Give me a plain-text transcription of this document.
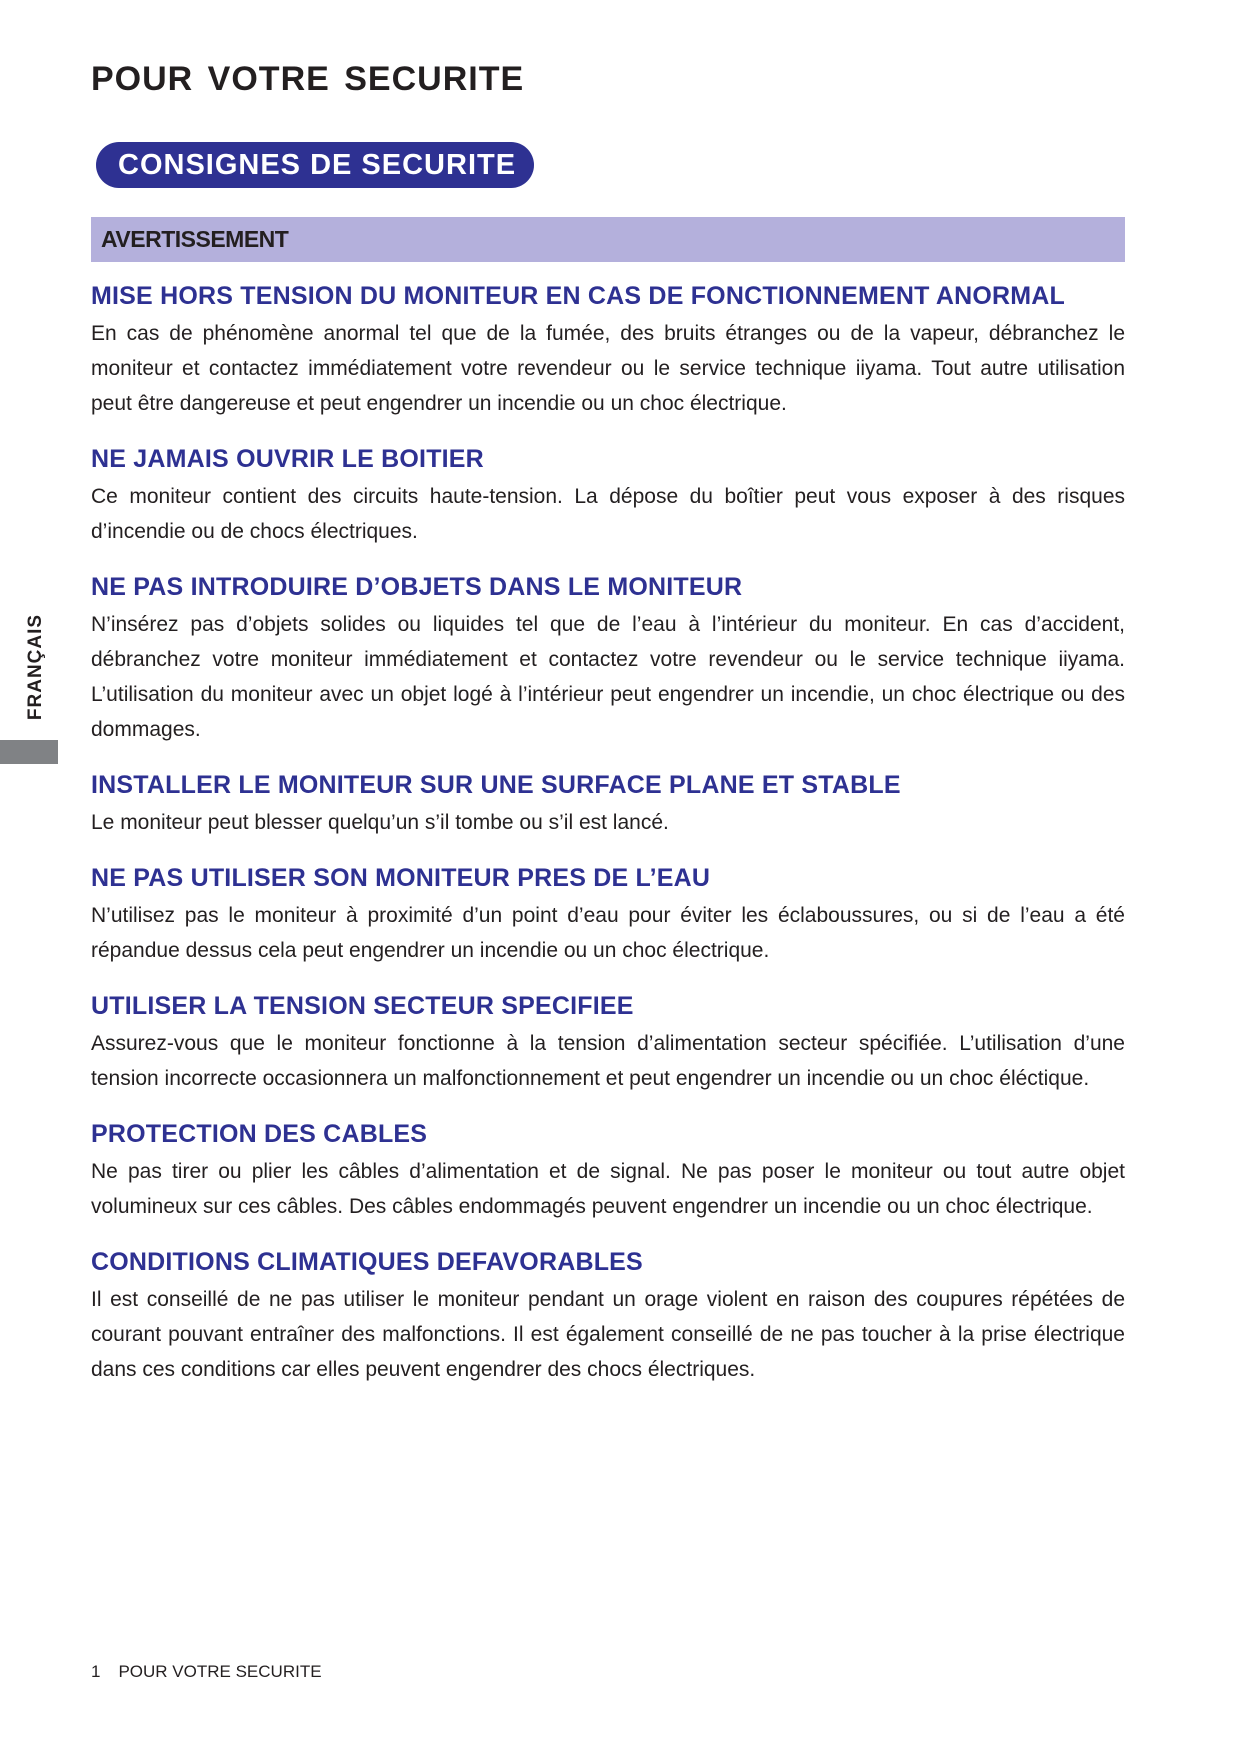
POUR VOTRE SECURITE
CONSIGNES DE SECURITE
AVERTISSEMENT
MISE HORS TENSION DU MONITEUR EN CAS DE FONCTIONNEMENT ANORMAL

En cas de phénomène anormal tel que de la fumée, des bruits étranges ou de la vapeur, débranchez le moniteur et contactez immédiatement votre revendeur ou le service technique iiyama. Tout autre utilisation peut être dangereuse et peut engendrer un incendie ou un choc électrique.

NE JAMAIS OUVRIR LE BOITIER

Ce moniteur contient des circuits haute-tension. La dépose du boîtier peut vous exposer à des risques d’incendie ou de chocs électriques.

NE PAS INTRODUIRE D’OBJETS DANS LE MONITEUR

N’insérez pas d’objets solides ou liquides tel que de l’eau à l’intérieur du moniteur. En cas d’accident, débranchez votre moniteur immédiatement et contactez votre revendeur ou le service technique iiyama. L’utilisation du moniteur avec un objet logé à l’intérieur peut engendrer un incendie, un choc électrique ou des dommages.

INSTALLER LE MONITEUR SUR UNE SURFACE PLANE ET STABLE

Le moniteur peut blesser quelqu’un s’il tombe ou s’il est lancé.

NE PAS UTILISER SON MONITEUR PRES DE L’EAU

N’utilisez pas le moniteur à proximité d’un point d’eau pour éviter les éclaboussures, ou si de l’eau a été répandue dessus cela peut engendrer un incendie ou un choc électrique.

UTILISER LA TENSION SECTEUR SPECIFIEE

Assurez-vous que le moniteur fonctionne à la tension d’alimentation secteur spécifiée. L’utilisation d’une tension incorrecte occasionnera un malfonctionnement et peut engendrer un incendie ou un choc éléctique.

PROTECTION DES CABLES

Ne pas tirer ou plier les câbles d’alimentation et de signal. Ne pas poser le moniteur ou tout autre objet volumineux sur ces câbles. Des câbles endommagés peuvent engendrer un incendie ou un choc électrique.

CONDITIONS CLIMATIQUES DEFAVORABLES

Il est conseillé de ne pas utiliser le moniteur pendant un orage violent en raison des coupures répétées de courant pouvant entraîner des malfonctions. Il est également conseillé de ne pas toucher à la prise électrique dans ces conditions car elles peuvent engendrer des chocs électriques.

FRANÇAIS
1 POUR VOTRE SECURITE
